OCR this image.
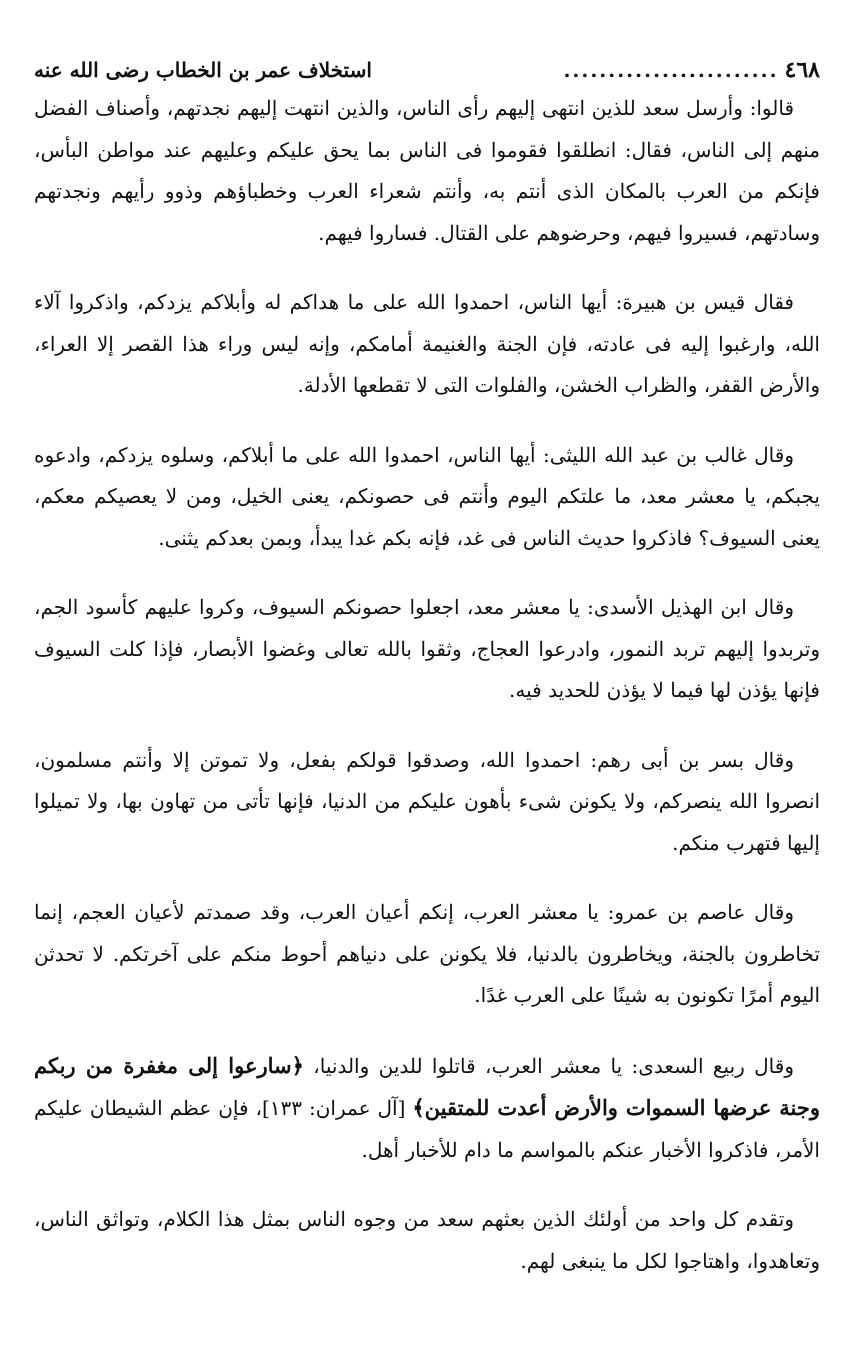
٤٦٨
........................
استخلاف عمر بن الخطاب رضى الله عنه

قالوا: وأرسل سعد للذين انتهى إليهم رأى الناس، والذين انتهت إليهم نجدتهم، وأصناف الفضل منهم إلى الناس، فقال: انطلقوا فقوموا فى الناس بما يحق عليكم وعليهم عند مواطن البأس، فإنكم من العرب بالمكان الذى أنتم به، وأنتم شعراء العرب وخطباؤهم وذوو رأيهم ونجدتهم وسادتهم، فسيروا فيهم، وحرضوهم على القتال. فساروا فيهم.

فقال قيس بن هبيرة: أيها الناس، احمدوا الله على ما هداكم له وأبلاكم يزدكم، واذكروا آلاء الله، وارغبوا إليه فى عادته، فإن الجنة والغنيمة أمامكم، وإنه ليس وراء هذا القصر إلا العراء، والأرض القفر، والظراب الخشن، والفلوات التى لا تقطعها الأدلة.

وقال غالب بن عبد الله الليثى: أيها الناس، احمدوا الله على ما أبلاكم، وسلوه يزدكم، وادعوه يجبكم، يا معشر معد، ما علتكم اليوم وأنتم فى حصونكم، يعنى الخيل، ومن لا يعصيكم معكم، يعنى السيوف؟ فاذكروا حديث الناس فى غد، فإنه بكم غدا يبدأ، وبمن بعدكم يثنى.

وقال ابن الهذيل الأسدى: يا معشر معد، اجعلوا حصونكم السيوف، وكروا عليهم كأسود الجم، وتربدوا إليهم تربد النمور، وادرعوا العجاج، وثقوا بالله تعالى وغضوا الأبصار، فإذا كلت السيوف فإنها يؤذن لها فيما لا يؤذن للحديد فيه.

وقال بسر بن أبى رهم: احمدوا الله، وصدقوا قولكم بفعل، ولا تموتن إلا وأنتم مسلمون، انصروا الله ينصركم، ولا يكونن شىء بأهون عليكم من الدنيا، فإنها تأتى من تهاون بها، ولا تميلوا إليها فتهرب منكم.

وقال عاصم بن عمرو: يا معشر العرب، إنكم أعيان العرب، وقد صمدتم لأعيان العجم، إنما تخاطرون بالجنة، ويخاطرون بالدنيا، فلا يكونن على دنياهم أحوط منكم على آخرتكم. لا تحدثن اليوم أمرًا تكونون به شينًا على العرب غدًا.

وقال ربيع السعدى: يا معشر العرب، قاتلوا للدين والدنيا، ﴿سارعوا إلى مغفرة من ربكم وجنة عرضها السموات والأرض أعدت للمتقين﴾ [آل عمران: ١٣٣]، فإن عظم الشيطان عليكم الأمر، فاذكروا الأخبار عنكم بالمواسم ما دام للأخبار أهل.

وتقدم كل واحد من أولئك الذين بعثهم سعد من وجوه الناس بمثل هذا الكلام، وتواثق الناس، وتعاهدوا، واهتاجوا لكل ما ينبغى لهم.
